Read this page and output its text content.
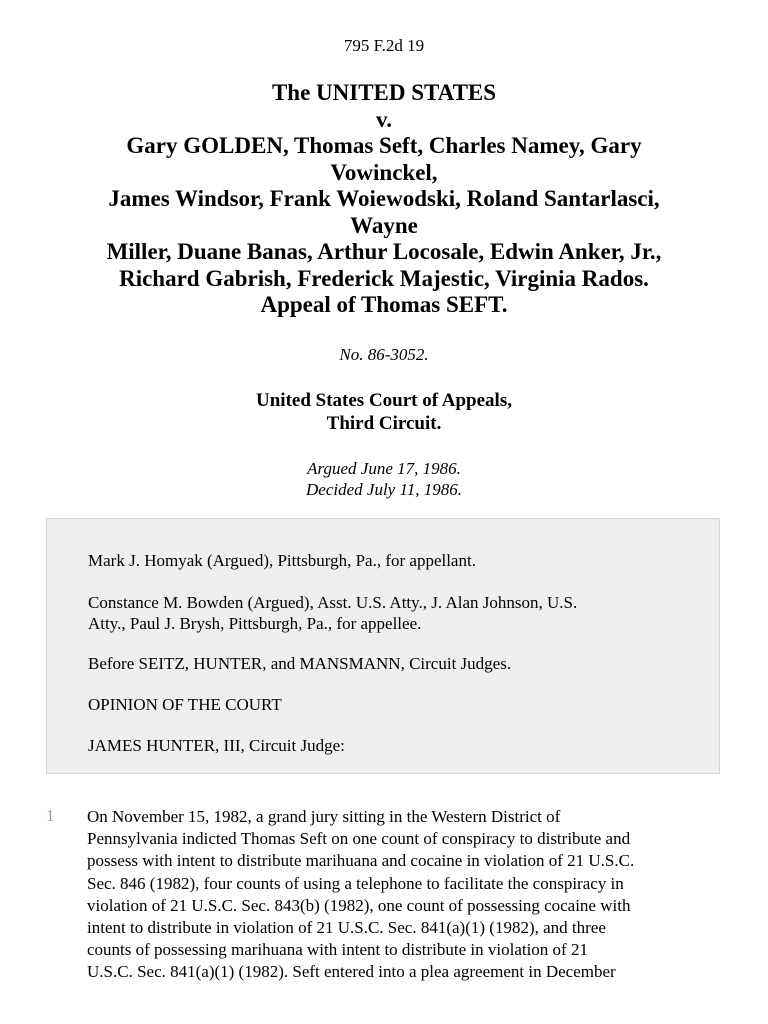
795 F.2d 19
The UNITED STATES
v.
Gary GOLDEN, Thomas Seft, Charles Namey, Gary
Vowinckel,
James Windsor, Frank Woiewodski, Roland Santarlasci,
Wayne
Miller, Duane Banas, Arthur Locosale, Edwin Anker, Jr.,
Richard Gabrish, Frederick Majestic, Virginia Rados.
Appeal of Thomas SEFT.
No. 86-3052.
United States Court of Appeals,
Third Circuit.
Argued June 17, 1986.
Decided July 11, 1986.

Mark J. Homyak (Argued), Pittsburgh, Pa., for appellant.

Constance M. Bowden (Argued), Asst. U.S. Atty., J. Alan Johnson, U.S.
Atty., Paul J. Brysh, Pittsburgh, Pa., for appellee.

Before SEITZ, HUNTER, and MANSMANN, Circuit Judges.

OPINION OF THE COURT

JAMES HUNTER, III, Circuit Judge:

1 On November 15, 1982, a grand jury sitting in the Western District of
Pennsylvania indicted Thomas Seft on one count of conspiracy to distribute and
possess with intent to distribute marihuana and cocaine in violation of 21 U.S.C.
Sec. 846 (1982), four counts of using a telephone to facilitate the conspiracy in
violation of 21 U.S.C. Sec. 843(b) (1982), one count of possessing cocaine with
intent to distribute in violation of 21 U.S.C. Sec. 841(a)(1) (1982), and three
counts of possessing marihuana with intent to distribute in violation of 21
U.S.C. Sec. 841(a)(1) (1982). Seft entered into a plea agreement in December
